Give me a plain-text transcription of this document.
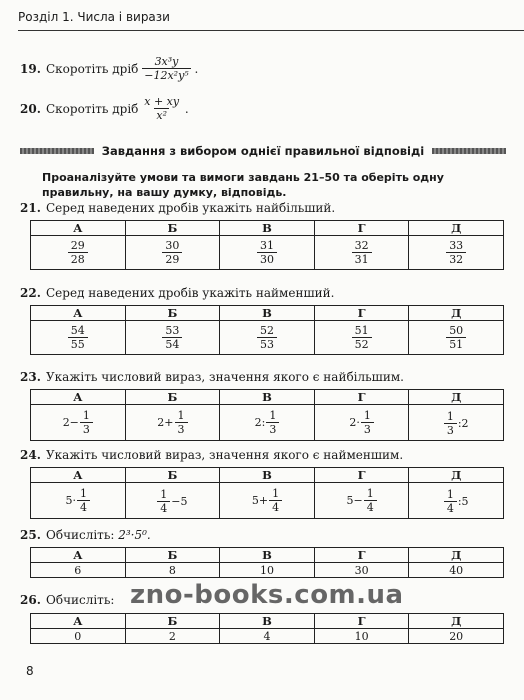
Розділ 1. Числа і вирази
19. Скоротіть дріб
$\frac{\text{3x³y}}{\text{−12x²y⁵}}$
.
20. Скоротіть дріб
$\frac{x + xy}{\text{x²}}$
.
Завдання з вибором однієї правильної відповіді
Проаналізуйте умови та вимоги завдань 21–50 та оберіть одну правильну, на вашу думку, відповідь.
21. Серед наведених дробів укажіть найбільший.
А	Б	В	Г	Д

$\frac{29}{28}$	$\frac{30}{29}$	$\frac{31}{30}$	$\frac{32}{31}$	$\frac{33}{32}$
22. Серед наведених дробів укажіть найменший.
А	Б	В	Г	Д

$\frac{54}{55}$	$\frac{53}{54}$	$\frac{52}{53}$	$\frac{51}{52}$	$\frac{50}{51}$
23. Укажіть числовий вираз, значення якого є найбільшим.
А	Б	В	Г	Д

$2- \frac{1}{3}$	$2+ \frac{1}{3}$	2: $\frac{1}{3}$	$2\cdot \frac{1}{3}$	$\frac{1}{3}$ :2
24. Укажіть числовий вираз, значення якого є найменшим.
А	Б	В	Г	Д

$5\cdot \frac{1}{4}$	$\frac{1}{4} -5$	$5+ \frac{1}{4}$	$5- \frac{1}{4}$	$\frac{1}{4}$ :5
25. Обчисліть:
2³·5⁰.
А	Б	В	Г	Д
6	8	10	30	40
26. Обчисліть:
А	Б	В	Г	Д
0	2	4	10	20
zno-books.com.ua
8
